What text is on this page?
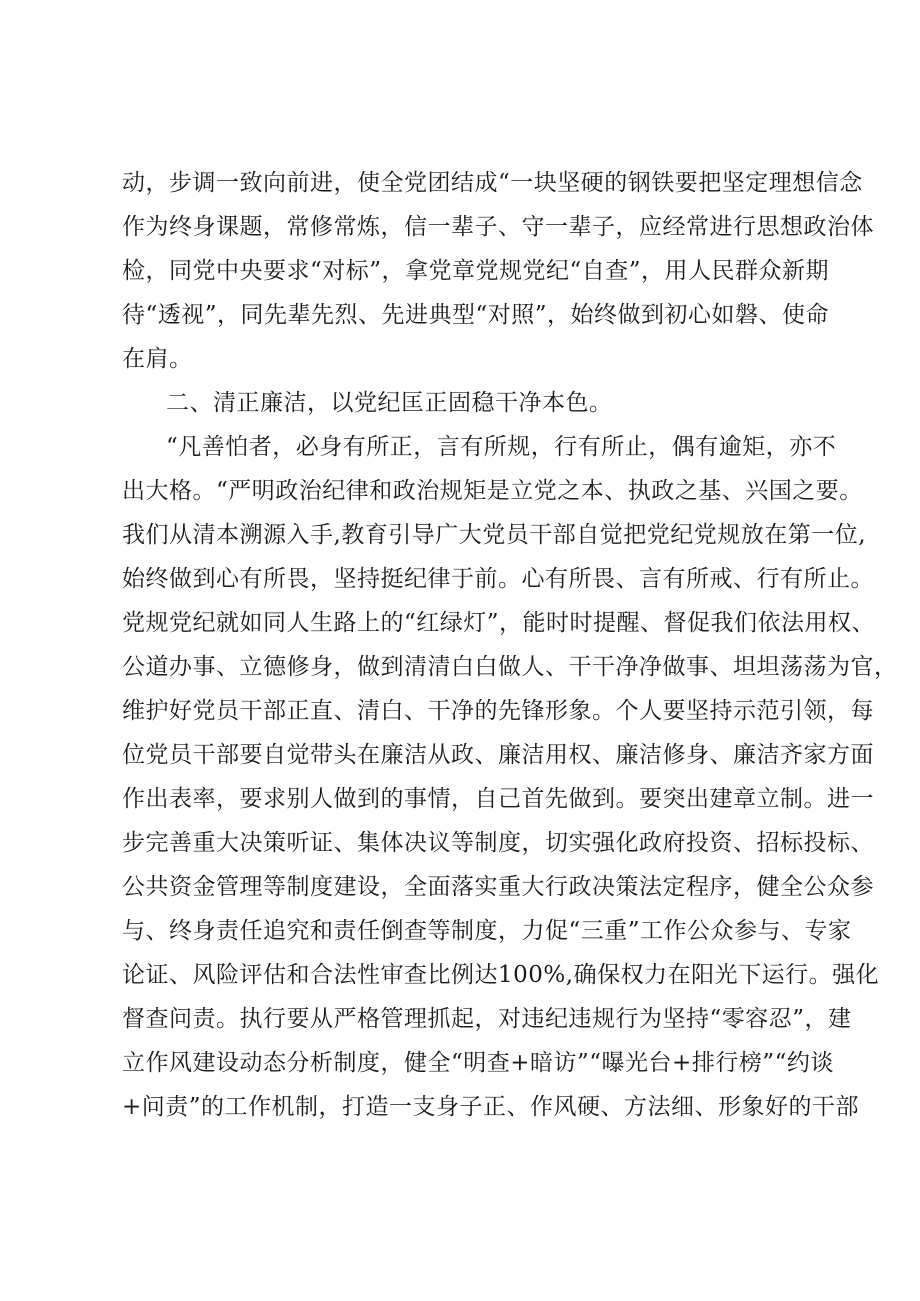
动，步调一致向前进，使全党团结成“一块坚硬的钢铁要把坚定理想信念
作为终身课题，常修常炼，信一辈子、守一辈子，应经常进行思想政治体
检，同党中央要求“对标”，拿党章党规党纪“自查”，用人民群众新期
待“透视”，同先辈先烈、先进典型“对照”，始终做到初心如磐、使命
在肩。
二、清正廉洁，以党纪匡正固稳干净本色。
“凡善怕者，必身有所正，言有所规，行有所止，偶有逾矩，亦不
出大格。“严明政治纪律和政治规矩是立党之本、执政之基、兴国之要。
我们从清本溯源入手,教育引导广大党员干部自觉把党纪党规放在第一位,
始终做到心有所畏，坚持挺纪律于前。心有所畏、言有所戒、行有所止。
党规党纪就如同人生路上的“红绿灯”，能时时提醒、督促我们依法用权、
公道办事、立德修身，做到清清白白做人、干干净净做事、坦坦荡荡为官，
维护好党员干部正直、清白、干净的先锋形象。个人要坚持示范引领，每
位党员干部要自觉带头在廉洁从政、廉洁用权、廉洁修身、廉洁齐家方面
作出表率，要求别人做到的事情，自己首先做到。要突出建章立制。进一
步完善重大决策听证、集体决议等制度，切实强化政府投资、招标投标、
公共资金管理等制度建设，全面落实重大行政决策法定程序，健全公众参
与、终身责任追究和责任倒查等制度，力促“三重”工作公众参与、专家
论证、风险评估和合法性审查比例达100%,确保权力在阳光下运行。强化
督查问责。执行要从严格管理抓起，对违纪违规行为坚持“零容忍”，建
立作风建设动态分析制度，健全“明查+暗访”“曝光台+排行榜”“约谈
+问责”的工作机制，打造一支身子正、作风硬、方法细、形象好的干部
